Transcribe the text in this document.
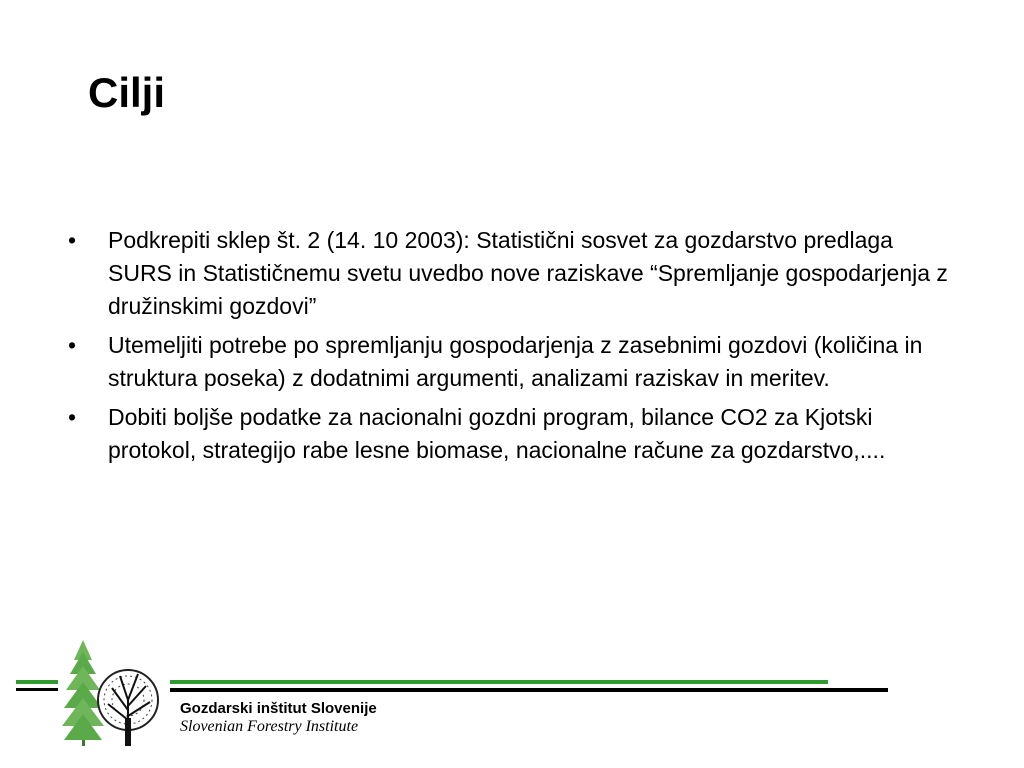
Cilji
• Podkrepiti sklep št. 2 (14. 10 2003): Statistični sosvet za gozdarstvo predlaga SURS in Statističnemu svetu uvedbo nove raziskave “Spremljanje gospodarjenja z družinskimi gozdovi”
• Utemeljiti potrebe po spremljanju gospodarjenja z zasebnimi gozdovi (količina in struktura poseka) z dodatnimi argumenti, analizami raziskav in meritev.
• Dobiti boljše podatke za nacionalni gozdni program, bilance CO2 za Kjotski protokol, strategijo rabe lesne biomase, nacionalne račune za gozdarstvo,....
Gozdarski inštitut Slovenije
Slovenian Forestry Institute
